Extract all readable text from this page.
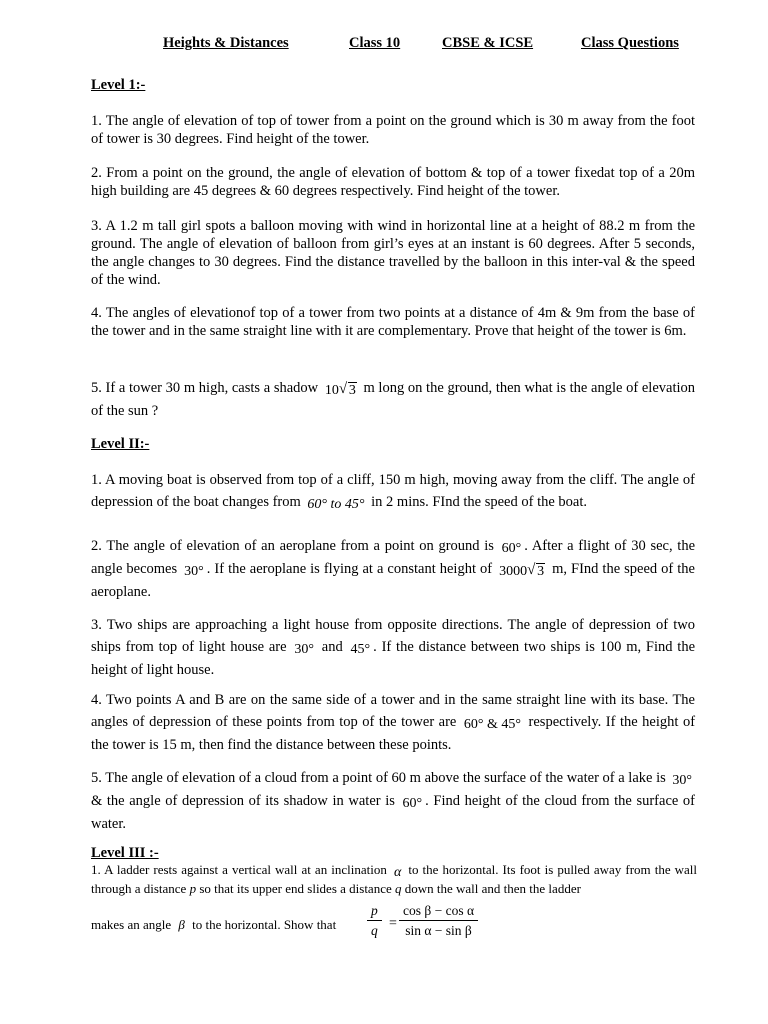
Heights & Distances	Class 10	CBSE & ICSE	Class Questions
Level 1:-
1. The angle of elevation of top of tower from a point on the ground which is 30 m away from the foot of tower is 30 degrees. Find height of the tower.
2. From a point on the ground, the angle of elevation of bottom & top of a tower fixedat top of a 20m high building are 45 degrees & 60 degrees respectively. Find height of the tower.
3. A 1.2 m tall girl spots a balloon moving with wind in horizontal line at a height of 88.2 m from the ground. The angle of elevation of balloon from girl’s eyes at an instant is 60 degrees. After 5 seconds, the angle changes to 30 degrees. Find the distance travelled by the balloon in this inter-val & the speed of the wind.
4. The angles of elevationof top of a tower from two points at a distance of 4m & 9m from the base of the tower and in the same straight line with it are complementary. Prove that height of the tower is 6m.
5. If a tower 30 m high, casts a shadow 10 √ 3 m long on the ground, then what is the angle of elevation of the sun ?
Level II:-
1. A moving boat is observed from top of a cliff, 150 m high, moving away from the cliff. The angle of depression of the boat changes from 60° to 45° in 2 mins. FInd the speed of the boat.
2. The angle of elevation of an aeroplane from a point on ground is 60° . After a flight of 30 sec, the angle becomes 30° . If the aeroplane is flying at a constant height of 3000 √ 3 m, FInd the speed of the aeroplane.
3. Two ships are approaching a light house from opposite directions. The angle of depression of two ships from top of light house are 30° and 45° . If the distance between two ships is 100 m, Find the height of light house.
4. Two points A and B are on the same side of a tower and in the same straight line with its base. The angles of depression of these points from top of the tower are 60° & 45° respectively. If the height of the tower is 15 m, then find the distance between these points.
5. The angle of elevation of a cloud from a point of 60 m above the surface of the water of a lake is 30° & the angle of depression of its shadow in water is 60° . Find height of the cloud from the surface of water.
Level III :-
1. A ladder rests against a vertical wall at an inclination α to the horizontal. Its foot is pulled away from the wall through a distance p so that its upper end slides a distance q down the wall and then the ladder
makes an angle β to the horizontal. Show that $\frac{p}{q} = \frac{\text{cos β − cos α}}{\text{sin α − sin β}}$
